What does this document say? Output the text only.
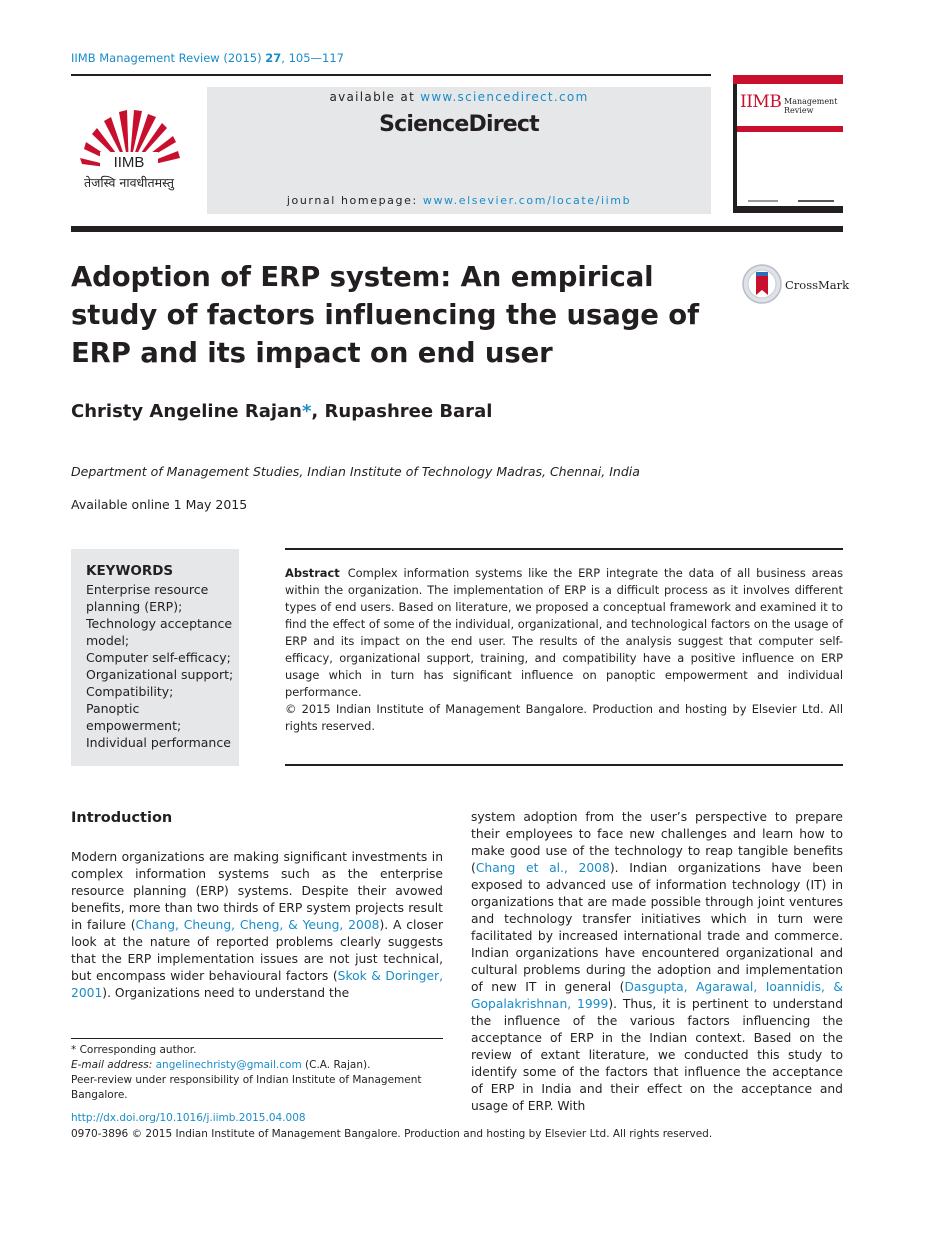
IIMB Management Review (2015) 27, 105—117
IIMB
तेजस्वि नावधीतमस्तु
available at www.sciencedirect.com
ScienceDirect
journal homepage: www.elsevier.com/locate/iimb
IIMB Management
Review
Adoption of ERP system: An empirical study of factors influencing the usage of ERP and its impact on end user
CrossMark
Christy Angeline Rajan*, Rupashree Baral
Department of Management Studies, Indian Institute of Technology Madras, Chennai, India
Available online 1 May 2015
KEYWORDS
Enterprise resource
planning (ERP);
Technology acceptance
model;
Computer self-efficacy;
Organizational support;
Compatibility;
Panoptic
empowerment;
Individual performance
Abstract Complex information systems like the ERP integrate the data of all business areas within the organization. The implementation of ERP is a difficult process as it involves different types of end users. Based on literature, we proposed a conceptual framework and examined it to find the effect of some of the individual, organizational, and technological factors on the usage of ERP and its impact on the end user. The results of the analysis suggest that computer self-efficacy, organizational support, training, and compatibility have a positive influence on ERP usage which in turn has significant influence on panoptic empowerment and individual performance.
© 2015 Indian Institute of Management Bangalore. Production and hosting by Elsevier Ltd. All rights reserved.
Introduction
Modern organizations are making significant investments in complex information systems such as the enterprise resource planning (ERP) systems. Despite their avowed benefits, more than two thirds of ERP system projects result in failure (Chang, Cheung, Cheng, & Yeung, 2008). A closer look at the nature of reported problems clearly suggests that the ERP implementation issues are not just technical, but encompass wider behavioural factors (Skok & Doringer, 2001). Organizations need to understand the
system adoption from the user’s perspective to prepare their employees to face new challenges and learn how to make good use of the technology to reap tangible benefits (Chang et al., 2008). Indian organizations have been exposed to advanced use of information technology (IT) in organizations that are made possible through joint ventures and technology transfer initiatives which in turn were facilitated by increased international trade and commerce. Indian organizations have encountered organizational and cultural problems during the adoption and implementation of new IT in general (Dasgupta, Agarawal, Ioannidis, & Gopalakrishnan, 1999). Thus, it is pertinent to understand the influence of the various factors influencing the acceptance of ERP in the Indian context. Based on the review of extant literature, we conducted this study to identify some of the factors that influence the acceptance of ERP in India and their effect on the acceptance and usage of ERP. With
* Corresponding author.
E-mail address: angelinechristy@gmail.com (C.A. Rajan).
Peer-review under responsibility of Indian Institute of Management Bangalore.
http://dx.doi.org/10.1016/j.iimb.2015.04.008
0970-3896 © 2015 Indian Institute of Management Bangalore. Production and hosting by Elsevier Ltd. All rights reserved.
